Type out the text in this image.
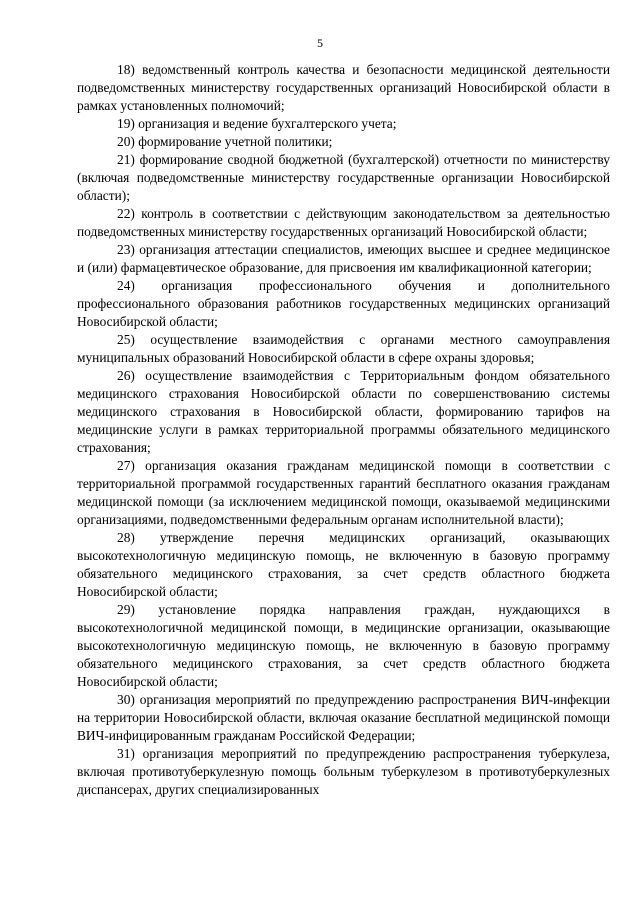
5

18) ведомственный контроль качества и безопасности медицинской деятельности подведомственных министерству государственных организаций Новосибирской области в рамках установленных полномочий;

19) организация и ведение бухгалтерского учета;

20) формирование учетной политики;

21) формирование сводной бюджетной (бухгалтерской) отчетности по министерству (включая подведомственные министерству государственные организации Новосибирской области);

22) контроль в соответствии с действующим законодательством за деятельностью подведомственных министерству государственных организаций Новосибирской области;

23) организация аттестации специалистов, имеющих высшее и среднее медицинское и (или) фармацевтическое образование, для присвоения им квалификационной категории;

24) организация профессионального обучения и дополнительного профессионального образования работников государственных медицинских организаций Новосибирской области;

25) осуществление взаимодействия с органами местного самоуправления муниципальных образований Новосибирской области в сфере охраны здоровья;

26) осуществление взаимодействия с Территориальным фондом обязательного медицинского страхования Новосибирской области по совершенствованию системы медицинского страхования в Новосибирской области, формированию тарифов на медицинские услуги в рамках территориальной программы обязательного медицинского страхования;

27) организация оказания гражданам медицинской помощи в соответствии с территориальной программой государственных гарантий бесплатного оказания гражданам медицинской помощи (за исключением медицинской помощи, оказываемой медицинскими организациями, подведомственными федеральным органам исполнительной власти);

28) утверждение перечня медицинских организаций, оказывающих высокотехнологичную медицинскую помощь, не включенную в базовую программу обязательного медицинского страхования, за счет средств областного бюджета Новосибирской области;

29) установление порядка направления граждан, нуждающихся в высокотехнологичной медицинской помощи, в медицинские организации, оказывающие высокотехнологичную медицинскую помощь, не включенную в базовую программу обязательного медицинского страхования, за счет средств областного бюджета Новосибирской области;

30) организация мероприятий по предупреждению распространения ВИЧ-инфекции на территории Новосибирской области, включая оказание бесплатной медицинской помощи ВИЧ-инфицированным гражданам Российской Федерации;

31) организация мероприятий по предупреждению распространения туберкулеза, включая противотуберкулезную помощь больным туберкулезом в противотуберкулезных диспансерах, других специализированных
